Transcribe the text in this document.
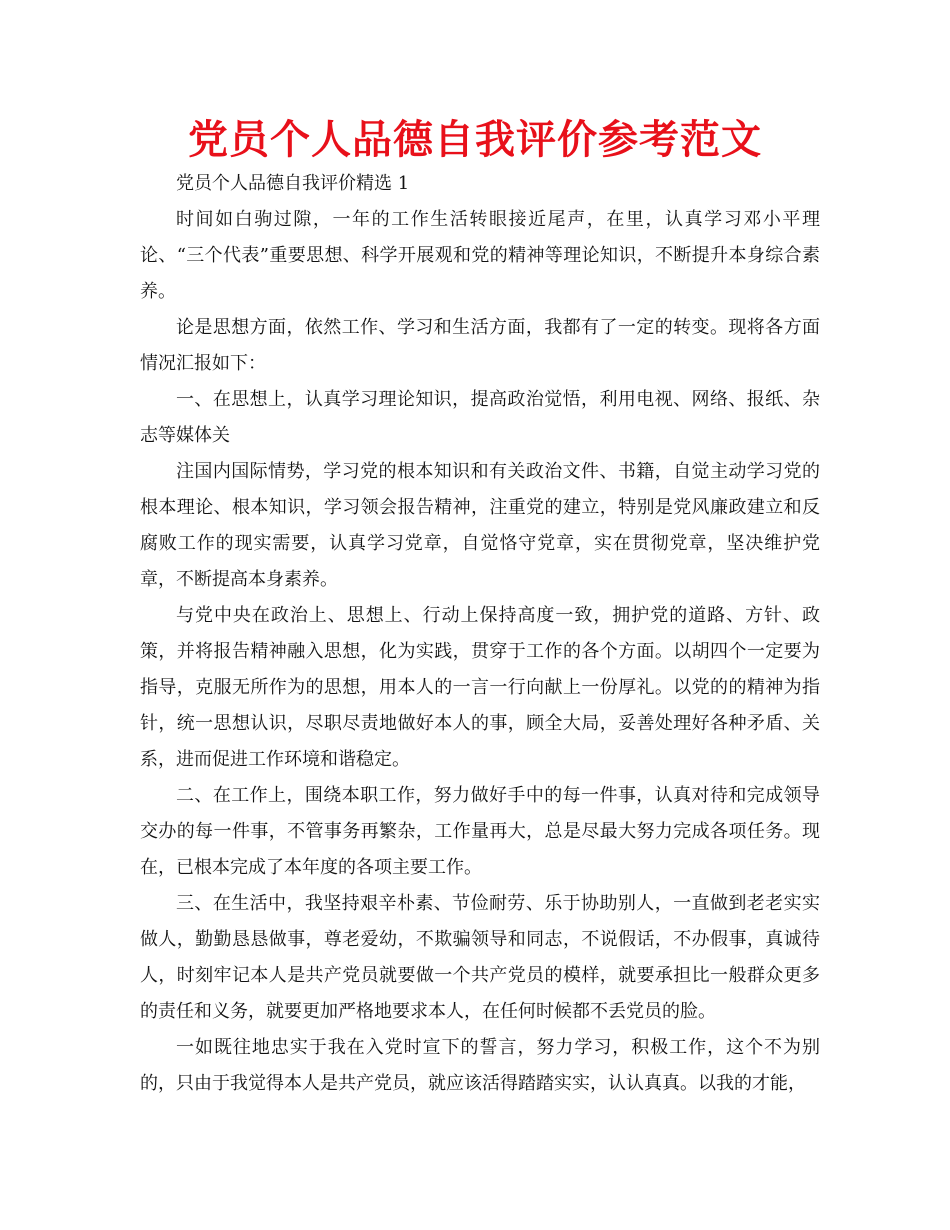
党员个人品德自我评价参考范文

党员个人品德自我评价精选 1

时间如白驹过隙，一年的工作生活转眼接近尾声，在里，认真学习邓小平理论、“三个代表”重要思想、科学开展观和党的精神等理论知识，不断提升本身综合素养。

论是思想方面，依然工作、学习和生活方面，我都有了一定的转变。现将各方面情况汇报如下：

一、在思想上，认真学习理论知识，提高政治觉悟，利用电视、网络、报纸、杂志等媒体关

注国内国际情势，学习党的根本知识和有关政治文件、书籍，自觉主动学习党的根本理论、根本知识，学习领会报告精神，注重党的建立，特别是党风廉政建立和反腐败工作的现实需要，认真学习党章，自觉恪守党章，实在贯彻党章，坚决维护党章，不断提高本身素养。

与党中央在政治上、思想上、行动上保持高度一致，拥护党的道路、方针、政策，并将报告精神融入思想，化为实践，贯穿于工作的各个方面。以胡四个一定要为指导，克服无所作为的思想，用本人的一言一行向献上一份厚礼。以党的的精神为指针，统一思想认识，尽职尽责地做好本人的事，顾全大局，妥善处理好各种矛盾、关系，进而促进工作环境和谐稳定。

二、在工作上，围绕本职工作，努力做好手中的每一件事，认真对待和完成领导交办的每一件事，不管事务再繁杂，工作量再大，总是尽最大努力完成各项任务。现在，已根本完成了本年度的各项主要工作。

三、在生活中，我坚持艰辛朴素、节俭耐劳、乐于协助别人，一直做到老老实实做人，勤勤恳恳做事，尊老爱幼，不欺骗领导和同志，不说假话，不办假事，真诚待人，时刻牢记本人是共产党员就要做一个共产党员的模样，就要承担比一般群众更多的责任和义务，就要更加严格地要求本人，在任何时候都不丢党员的脸。

一如既往地忠实于我在入党时宣下的誓言，努力学习，积极工作，这个不为别的，只由于我觉得本人是共产党员，就应该活得踏踏实实，认认真真。以我的才能，
